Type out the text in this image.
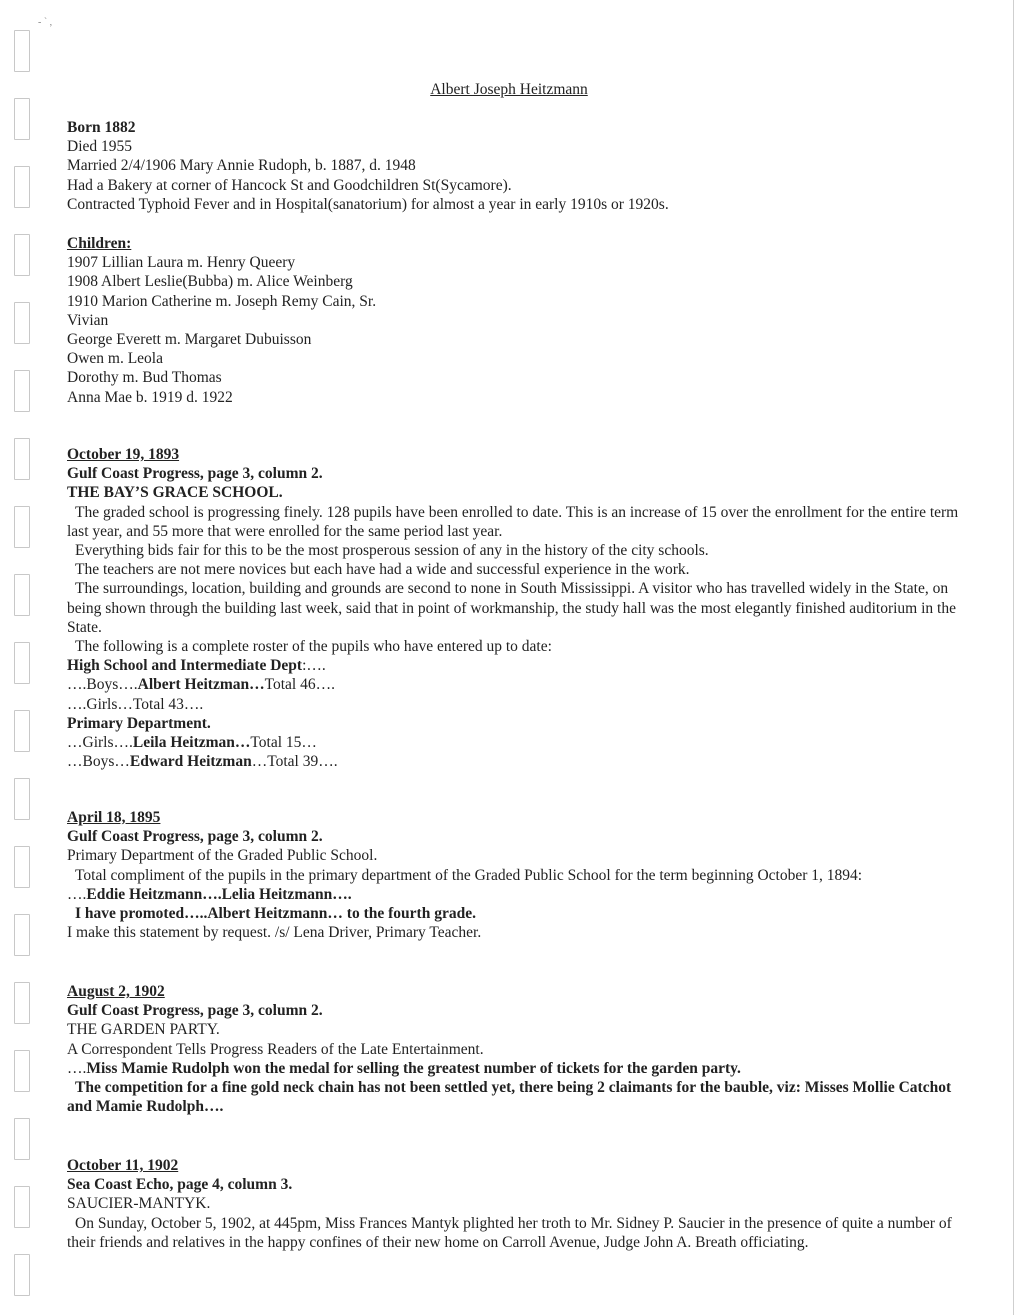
- ` ,
Albert Joseph Heitzmann
Born 1882
Died 1955
Married 2/4/1906 Mary Annie Rudoph, b. 1887, d. 1948
Had a Bakery at corner of Hancock St and Goodchildren St(Sycamore).
Contracted Typhoid Fever and in Hospital(sanatorium) for almost a year in early 1910s or 1920s.
Children:
1907 Lillian Laura m. Henry Queery
1908 Albert Leslie(Bubba) m. Alice Weinberg
1910 Marion Catherine m. Joseph Remy Cain, Sr.
Vivian
George Everett m. Margaret Dubuisson
Owen m. Leola
Dorothy m. Bud Thomas
Anna Mae b. 1919 d. 1922
October 19, 1893
Gulf Coast Progress, page 3, column 2.
THE BAY’S GRACE SCHOOL.
The graded school is progressing finely. 128 pupils have been enrolled to date. This is an increase of 15 over the enrollment for the entire term last year, and 55 more that were enrolled for the same period last year.
Everything bids fair for this to be the most prosperous session of any in the history of the city schools.
The teachers are not mere novices but each have had a wide and successful experience in the work.
The surroundings, location, building and grounds are second to none in South Mississippi. A visitor who has travelled widely in the State, on being shown through the building last week, said that in point of workmanship, the study hall was the most elegantly finished auditorium in the State.
The following is a complete roster of the pupils who have entered up to date:
High School and Intermediate Dept:….
….Boys….Albert Heitzman…Total 46….
….Girls…Total 43….
Primary Department.
…Girls….Leila Heitzman…Total 15…
…Boys…Edward Heitzman…Total 39….
April 18, 1895
Gulf Coast Progress, page 3, column 2.
Primary Department of the Graded Public School.
Total compliment of the pupils in the primary department of the Graded Public School for the term beginning October 1, 1894:
….Eddie Heitzmann….Lelia Heitzmann….
I have promoted…..Albert Heitzmann… to the fourth grade.
I make this statement by request. /s/ Lena Driver, Primary Teacher.
August 2, 1902
Gulf Coast Progress, page 3, column 2.
THE GARDEN PARTY.
A Correspondent Tells Progress Readers of the Late Entertainment.
….Miss Mamie Rudolph won the medal for selling the greatest number of tickets for the garden party.
The competition for a fine gold neck chain has not been settled yet, there being 2 claimants for the bauble, viz: Misses Mollie Catchot and Mamie Rudolph….
October 11, 1902
Sea Coast Echo, page 4, column 3.
SAUCIER-MANTYK.
On Sunday, October 5, 1902, at 445pm, Miss Frances Mantyk plighted her troth to Mr. Sidney P. Saucier in the presence of quite a number of their friends and relatives in the happy confines of their new home on Carroll Avenue, Judge John A. Breath officiating.
